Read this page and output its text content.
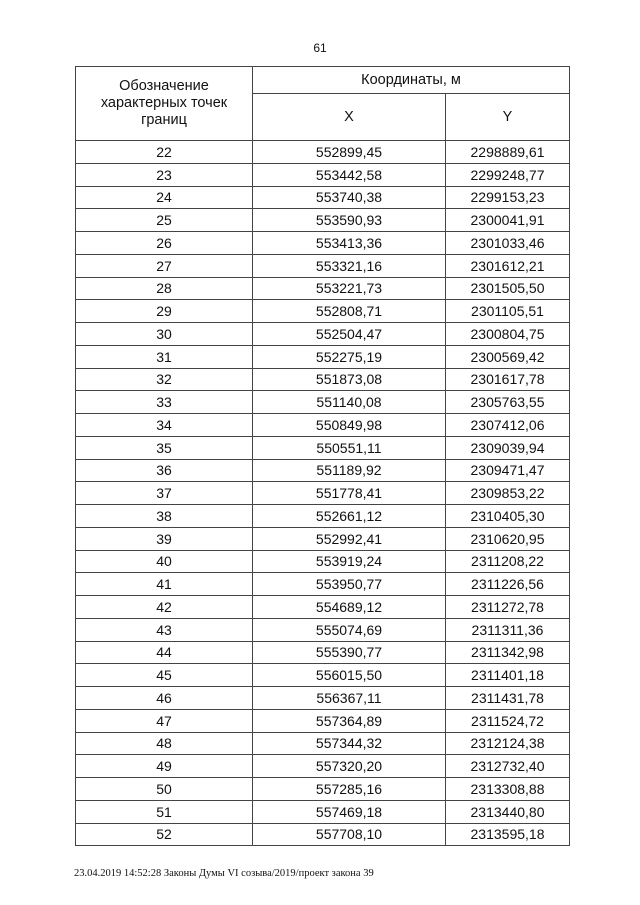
61
Обозначение характерных точек границ	Координаты, м	
	X	Y
22	552899,45	2298889,61
23	553442,58	2299248,77
24	553740,38	2299153,23
25	553590,93	2300041,91
26	553413,36	2301033,46
27	553321,16	2301612,21
28	553221,73	2301505,50
29	552808,71	2301105,51
30	552504,47	2300804,75
31	552275,19	2300569,42
32	551873,08	2301617,78
33	551140,08	2305763,55
34	550849,98	2307412,06
35	550551,11	2309039,94
36	551189,92	2309471,47
37	551778,41	2309853,22
38	552661,12	2310405,30
39	552992,41	2310620,95
40	553919,24	2311208,22
41	553950,77	2311226,56
42	554689,12	2311272,78
43	555074,69	2311311,36
44	555390,77	2311342,98
45	556015,50	2311401,18
46	556367,11	2311431,78
47	557364,89	2311524,72
48	557344,32	2312124,38
49	557320,20	2312732,40
50	557285,16	2313308,88
51	557469,18	2313440,80
52	557708,10	2313595,18
23.04.2019 14:52:28 Законы Думы VI созыва/2019/проект закона 39
